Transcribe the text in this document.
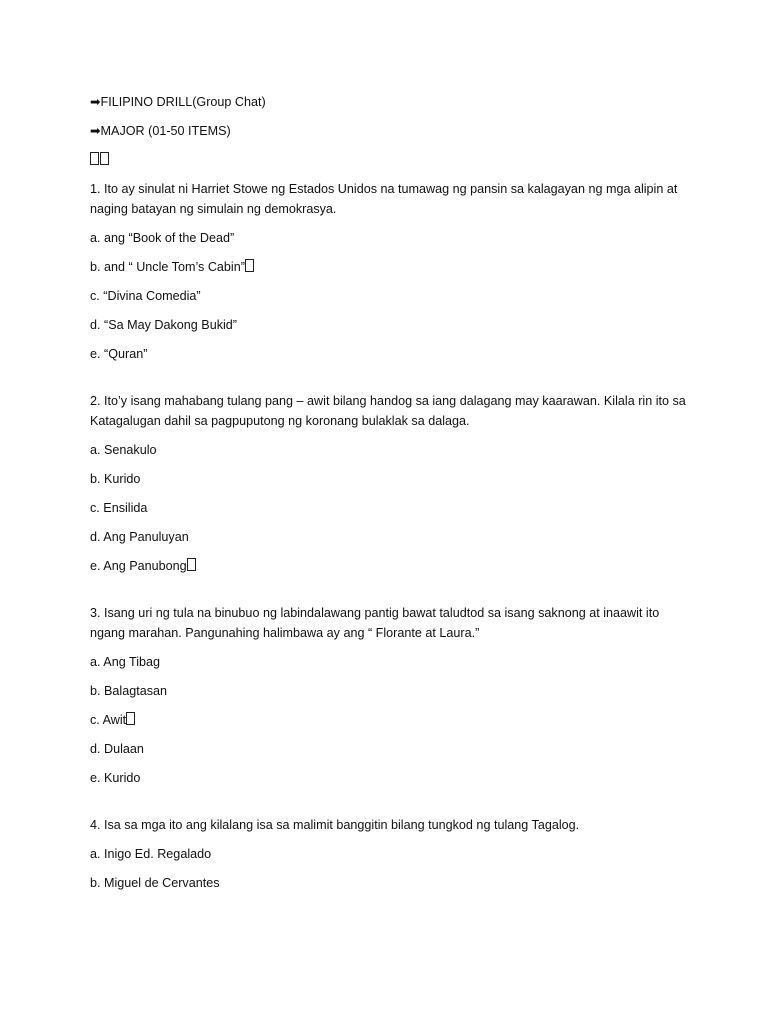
➡FILIPINO DRILL(Group Chat)
➡MAJOR (01-50 ITEMS)
1. Ito ay sinulat ni Harriet Stowe ng Estados Unidos na tumawag ng pansin sa kalagayan ng mga alipin at naging batayan ng simulain ng demokrasya.
a. ang “Book of the Dead”
b. and “ Uncle Tom’s Cabin”
c. “Divina Comedia”
d. “Sa May Dakong Bukid”
e. “Quran”
2. Ito’y isang mahabang tulang pang – awit bilang handog sa iang dalagang may kaarawan. Kilala rin ito sa Katagalugan dahil sa pagpuputong ng koronang bulaklak sa dalaga.
a. Senakulo
b. Kurido
c. Ensilida
d. Ang Panuluyan
e. Ang Panubong
3. Isang uri ng tula na binubuo ng labindalawang pantig bawat taludtod sa isang saknong at inaawit ito ngang marahan. Pangunahing halimbawa ay ang “ Florante at Laura.”
a. Ang Tibag
b. Balagtasan
c. Awit
d. Dulaan
e. Kurido
4. Isa sa mga ito ang kilalang isa sa malimit banggitin bilang tungkod ng tulang Tagalog.
a. Inigo Ed. Regalado
b. Miguel de Cervantes
